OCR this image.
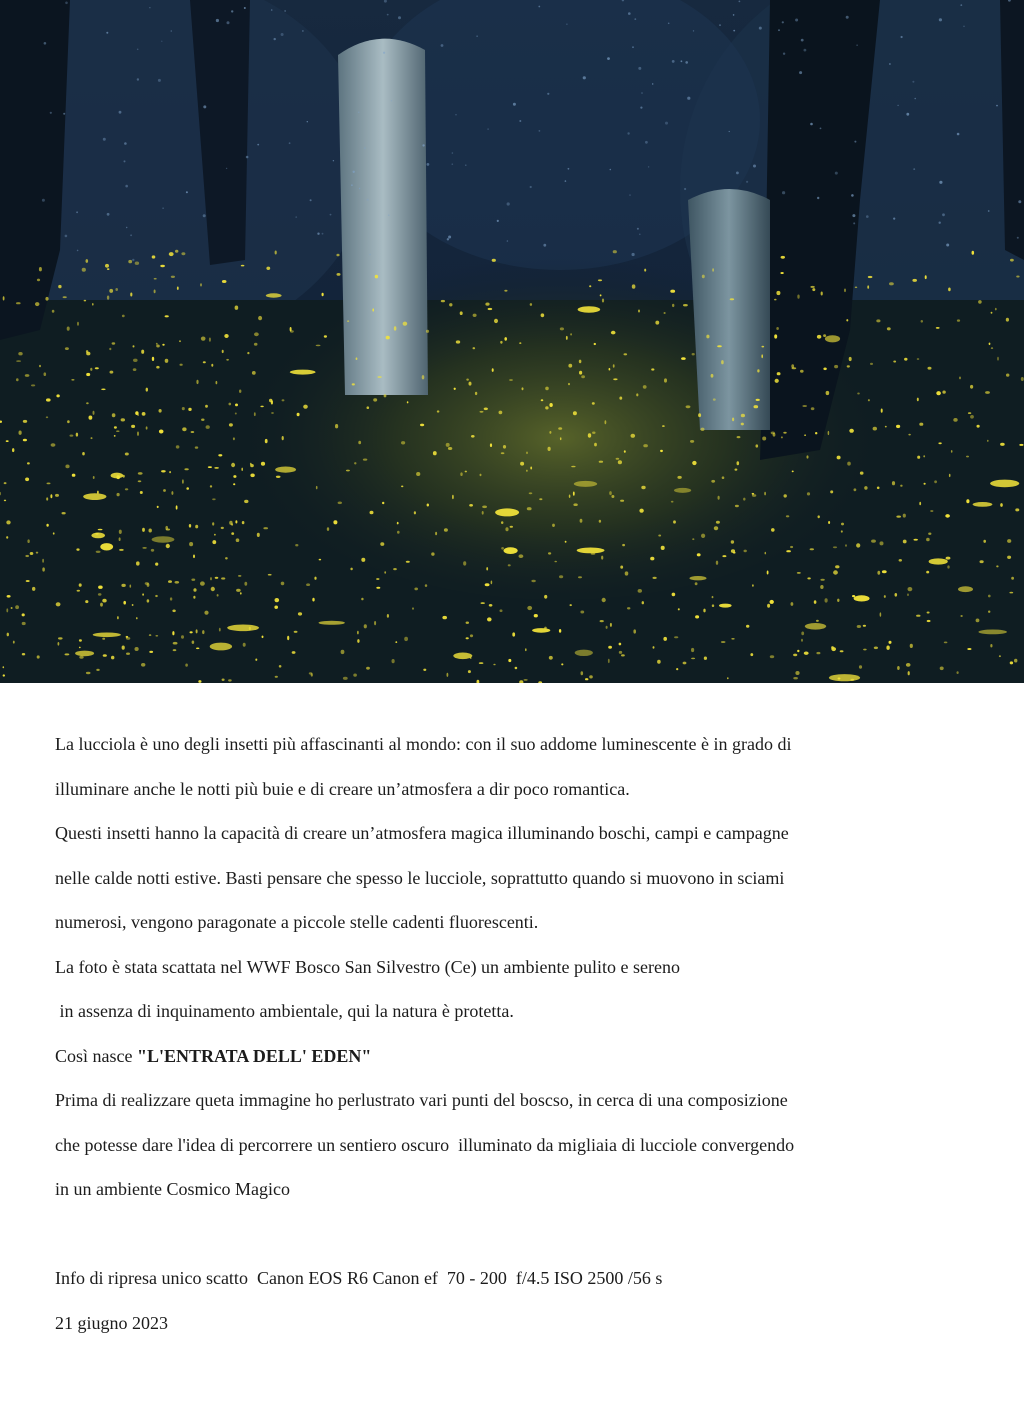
La lucciola è uno degli insetti più affascinanti al mondo: con il suo addome luminescente è in grado di

illuminare anche le notti più buie e di creare un’atmosfera a dir poco romantica.

Questi insetti hanno la capacità di creare un’atmosfera magica illuminando boschi, campi e campagne

nelle calde notti estive. Basti pensare che spesso le lucciole, soprattutto quando si muovono in sciami

numerosi, vengono paragonate a piccole stelle cadenti fluorescenti.

La foto è stata scattata nel WWF Bosco San Silvestro (Ce) un ambiente pulito e sereno

in assenza di inquinamento ambientale, qui la natura è protetta.

Così nasce "L'ENTRATA DELL' EDEN"

Prima di realizzare queta immagine ho perlustrato vari punti del boscso, in cerca di una composizione

che potesse dare l'idea di percorrere un sentiero oscuro  illuminato da migliaia di lucciole convergendo

in un ambiente Cosmico Magico

Info di ripresa unico scatto  Canon EOS R6 Canon ef  70 - 200  f/4.5 ISO 2500 /56 s

21 giugno 2023
